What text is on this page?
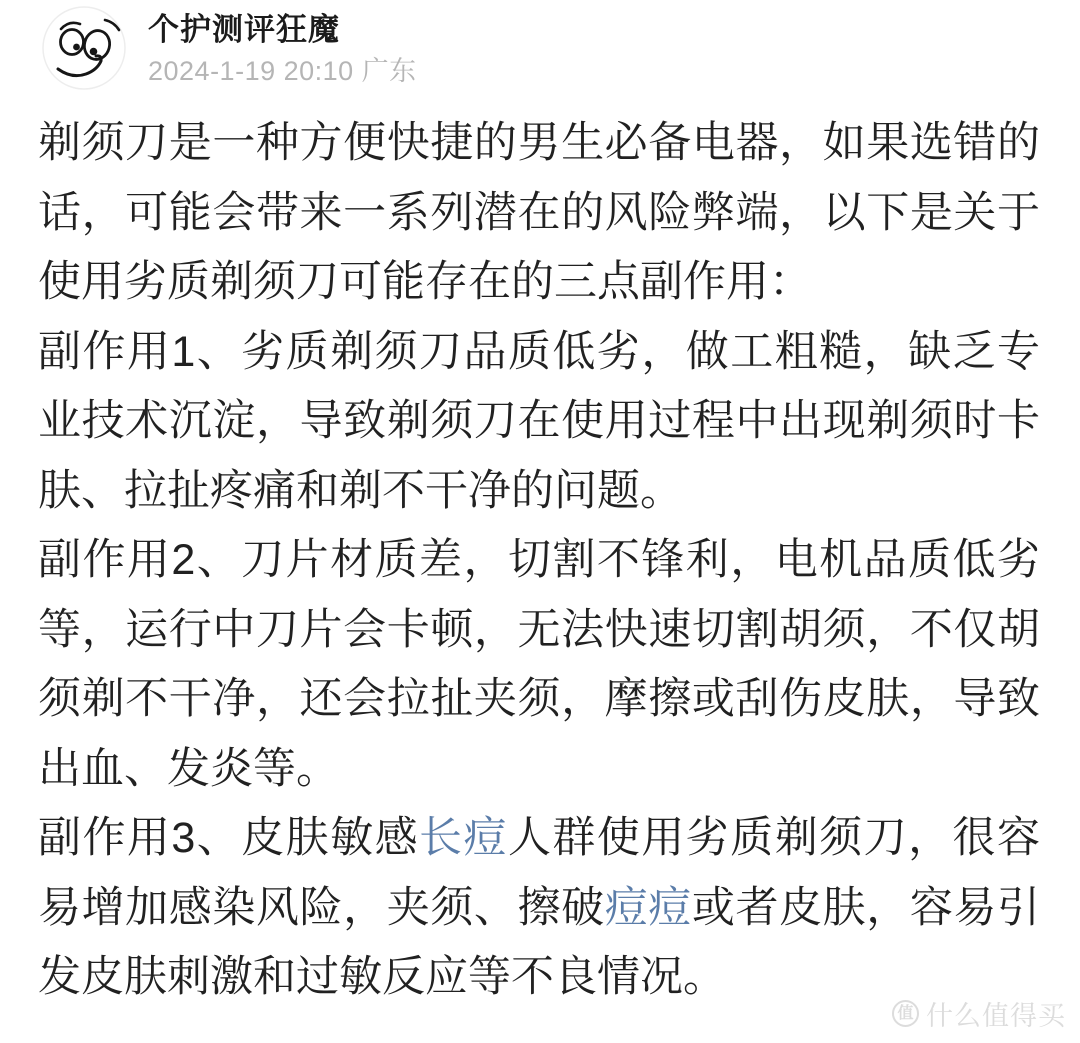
个护测评狂魔
2024-1-19 20:10 广东

剃须刀是一种方便快捷的男生必备电器，如果选错的话，可能会带来一系列潜在的风险弊端，以下是关于使用劣质剃须刀可能存在的三点副作用：

副作用1、劣质剃须刀品质低劣，做工粗糙，缺乏专业技术沉淀，导致剃须刀在使用过程中出现剃须时卡肤、拉扯疼痛和剃不干净的问题。

副作用2、刀片材质差，切割不锋利，电机品质低劣等，运行中刀片会卡顿，无法快速切割胡须，不仅胡须剃不干净，还会拉扯夹须，摩擦或刮伤皮肤，导致出血、发炎等。

副作用3、皮肤敏感长痘人群使用劣质剃须刀，很容易增加感染风险，夹须、擦破痘痘或者皮肤，容易引发皮肤刺激和过敏反应等不良情况。

值 什么值得买
